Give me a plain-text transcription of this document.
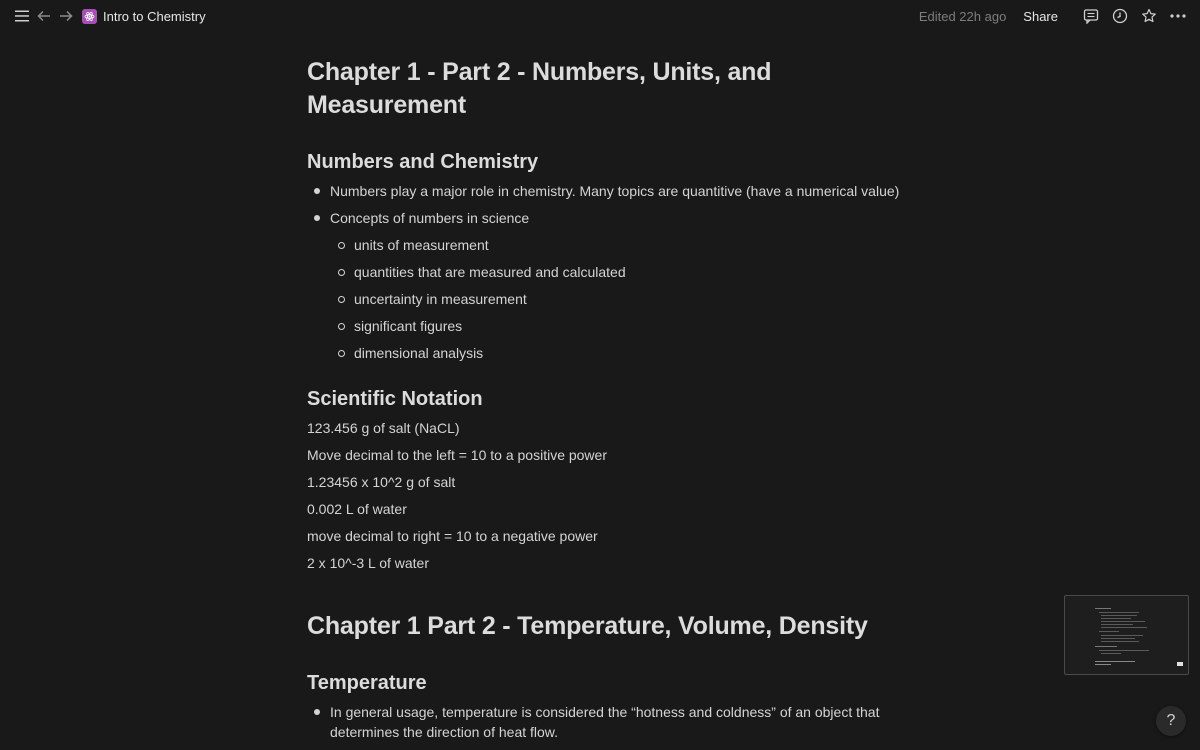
Intro to Chemistry	Edited 22h ago Share
Chapter 1 - Part 2 - Numbers, Units, and Measurement
Numbers and Chemistry
Numbers play a major role in chemistry. Many topics are quantitive (have a numerical value)
Concepts of numbers in science
units of measurement
quantities that are measured and calculated
uncertainty in measurement
significant figures
dimensional analysis
Scientific Notation
123.456 g of salt (NaCL)
Move decimal to the left = 10 to a positive power
1.23456 x 10^2 g of salt
0.002 L of water
move decimal to right = 10 to a negative power
2 x 10^-3 L of water
Chapter 1 Part 2 - Temperature, Volume, Density
Temperature
In general usage, temperature is considered the “hotness and coldness” of an object that determines the direction of heat flow.
?
